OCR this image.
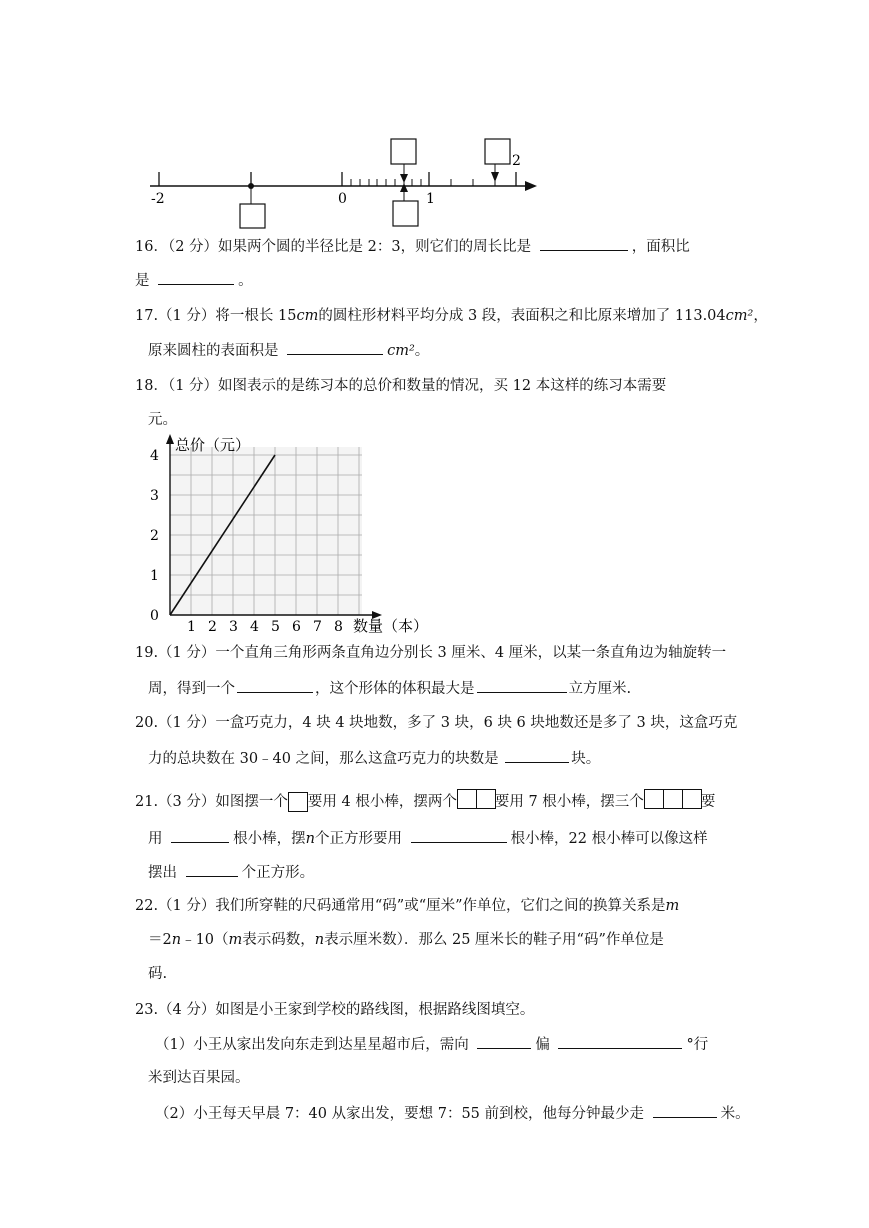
-2	0	1
2
16．（2 分）如果两个圆的半径比是 2：3，则它们的周长比是	，面积比
是	。
17.（1 分）将一根长 15cm的圆柱形材料平均分成 3 段，表面积之和比原来增加了 113.04cm²，
原来圆柱的表面积是	cm²。
18．（1 分）如图表示的是练习本的总价和数量的情况，买 12 本这样的练习本需要
元。
1 2 3 4 5 6 7 8
0
1
2
3
4
总价（元）
数量（本）
19.（1 分）一个直角三角形两条直角边分别长 3 厘米、4 厘米，以某一条直角边为轴旋转一
周，得到一个	，这个形体的体积最大是	立方厘米.
20.（1 分）一盒巧克力，4 块 4 块地数，多了 3 块，6 块 6 块地数还是多了 3 块，这盒巧克
力的总块数在 30﹣40 之间，那么这盒巧克力的块数是	块。
21.（3 分）如图摆一个 要用 4 根小棒，摆两个	要用 7 根小棒，摆三个	要
用	根小棒，摆n个正方形要用	根小棒，22 根小棒可以像这样
摆出	个正方形。
22.（1 分）我们所穿鞋的尺码通常用“码”或“厘米”作单位，它们之间的换算关系是m
＝2n﹣10（m表示码数，n表示厘米数）．那么 25 厘米长的鞋子用“码”作单位是
码.
23.（4 分）如图是小王家到学校的路线图，根据路线图填空。
（1）小王从家出发向东走到达星星超市后，需向	偏	°行
米到达百果园。
（2）小王每天早晨 7：40 从家出发，要想 7：55 前到校，他每分钟最少走	米。
